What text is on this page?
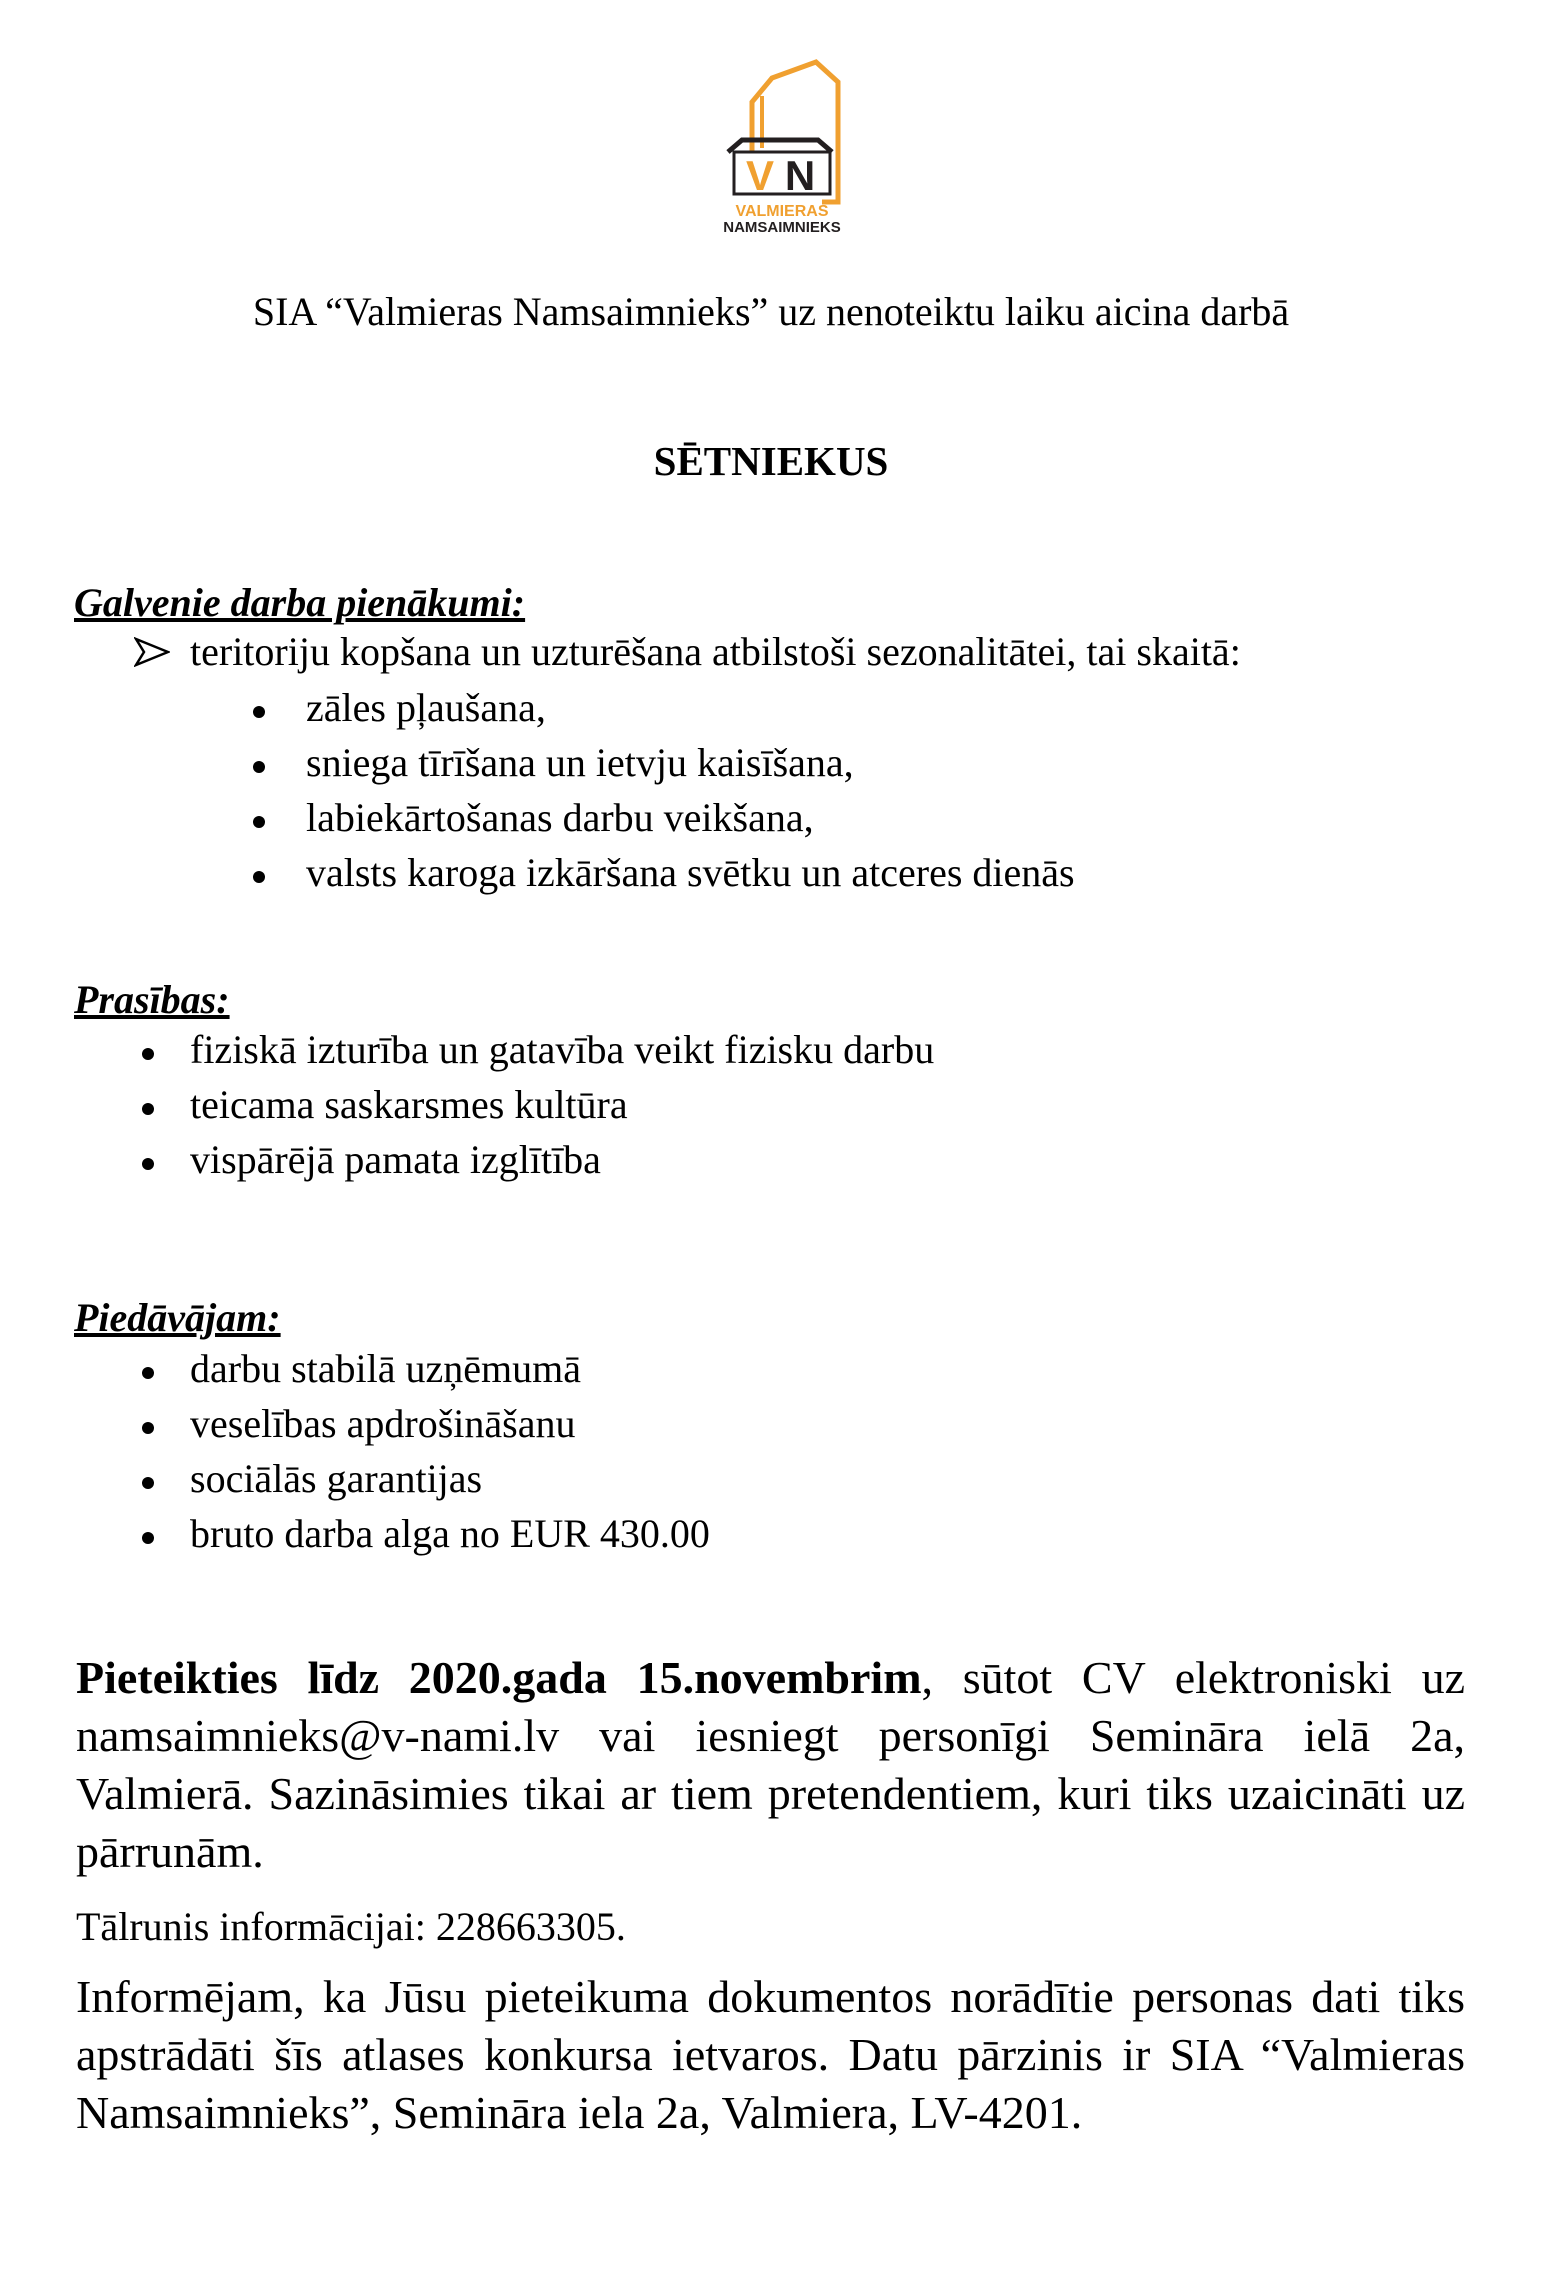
V N
VALMIERAS
NAMSAIMNIEKS
SIA “Valmieras Namsaimnieks” uz nenoteiktu laiku aicina darbā
SĒTNIEKUS
Galvenie darba pienākumi:
teritoriju kopšana un uzturēšana atbilstoši sezonalitātei, tai skaitā:
zāles pļaušana,
sniega tīrīšana un ietvju kaisīšana,
labiekārtošanas darbu veikšana,
valsts karoga izkāršana svētku un atceres dienās
Prasības:
fiziskā izturība un gatavība veikt fizisku darbu
teicama saskarsmes kultūra
vispārējā pamata izglītība
Piedāvājam:
darbu stabilā uzņēmumā
veselības apdrošināšanu
sociālās garantijas
bruto darba alga no EUR 430.00
Pieteikties līdz 2020.gada 15.novembrim, sūtot CV elektroniski uz namsaimnieks@v-nami.lv vai iesniegt personīgi Semināra ielā 2a, Valmierā. Sazināsimies tikai ar tiem pretendentiem, kuri tiks uzaicināti uz pārrunām.
Tālrunis informācijai: 228663305.
Informējam, ka Jūsu pieteikuma dokumentos norādītie personas dati tiks apstrādāti šīs atlases konkursa ietvaros. Datu pārzinis ir SIA “Valmieras Namsaimnieks”, Semināra iela 2a, Valmiera, LV-4201.
